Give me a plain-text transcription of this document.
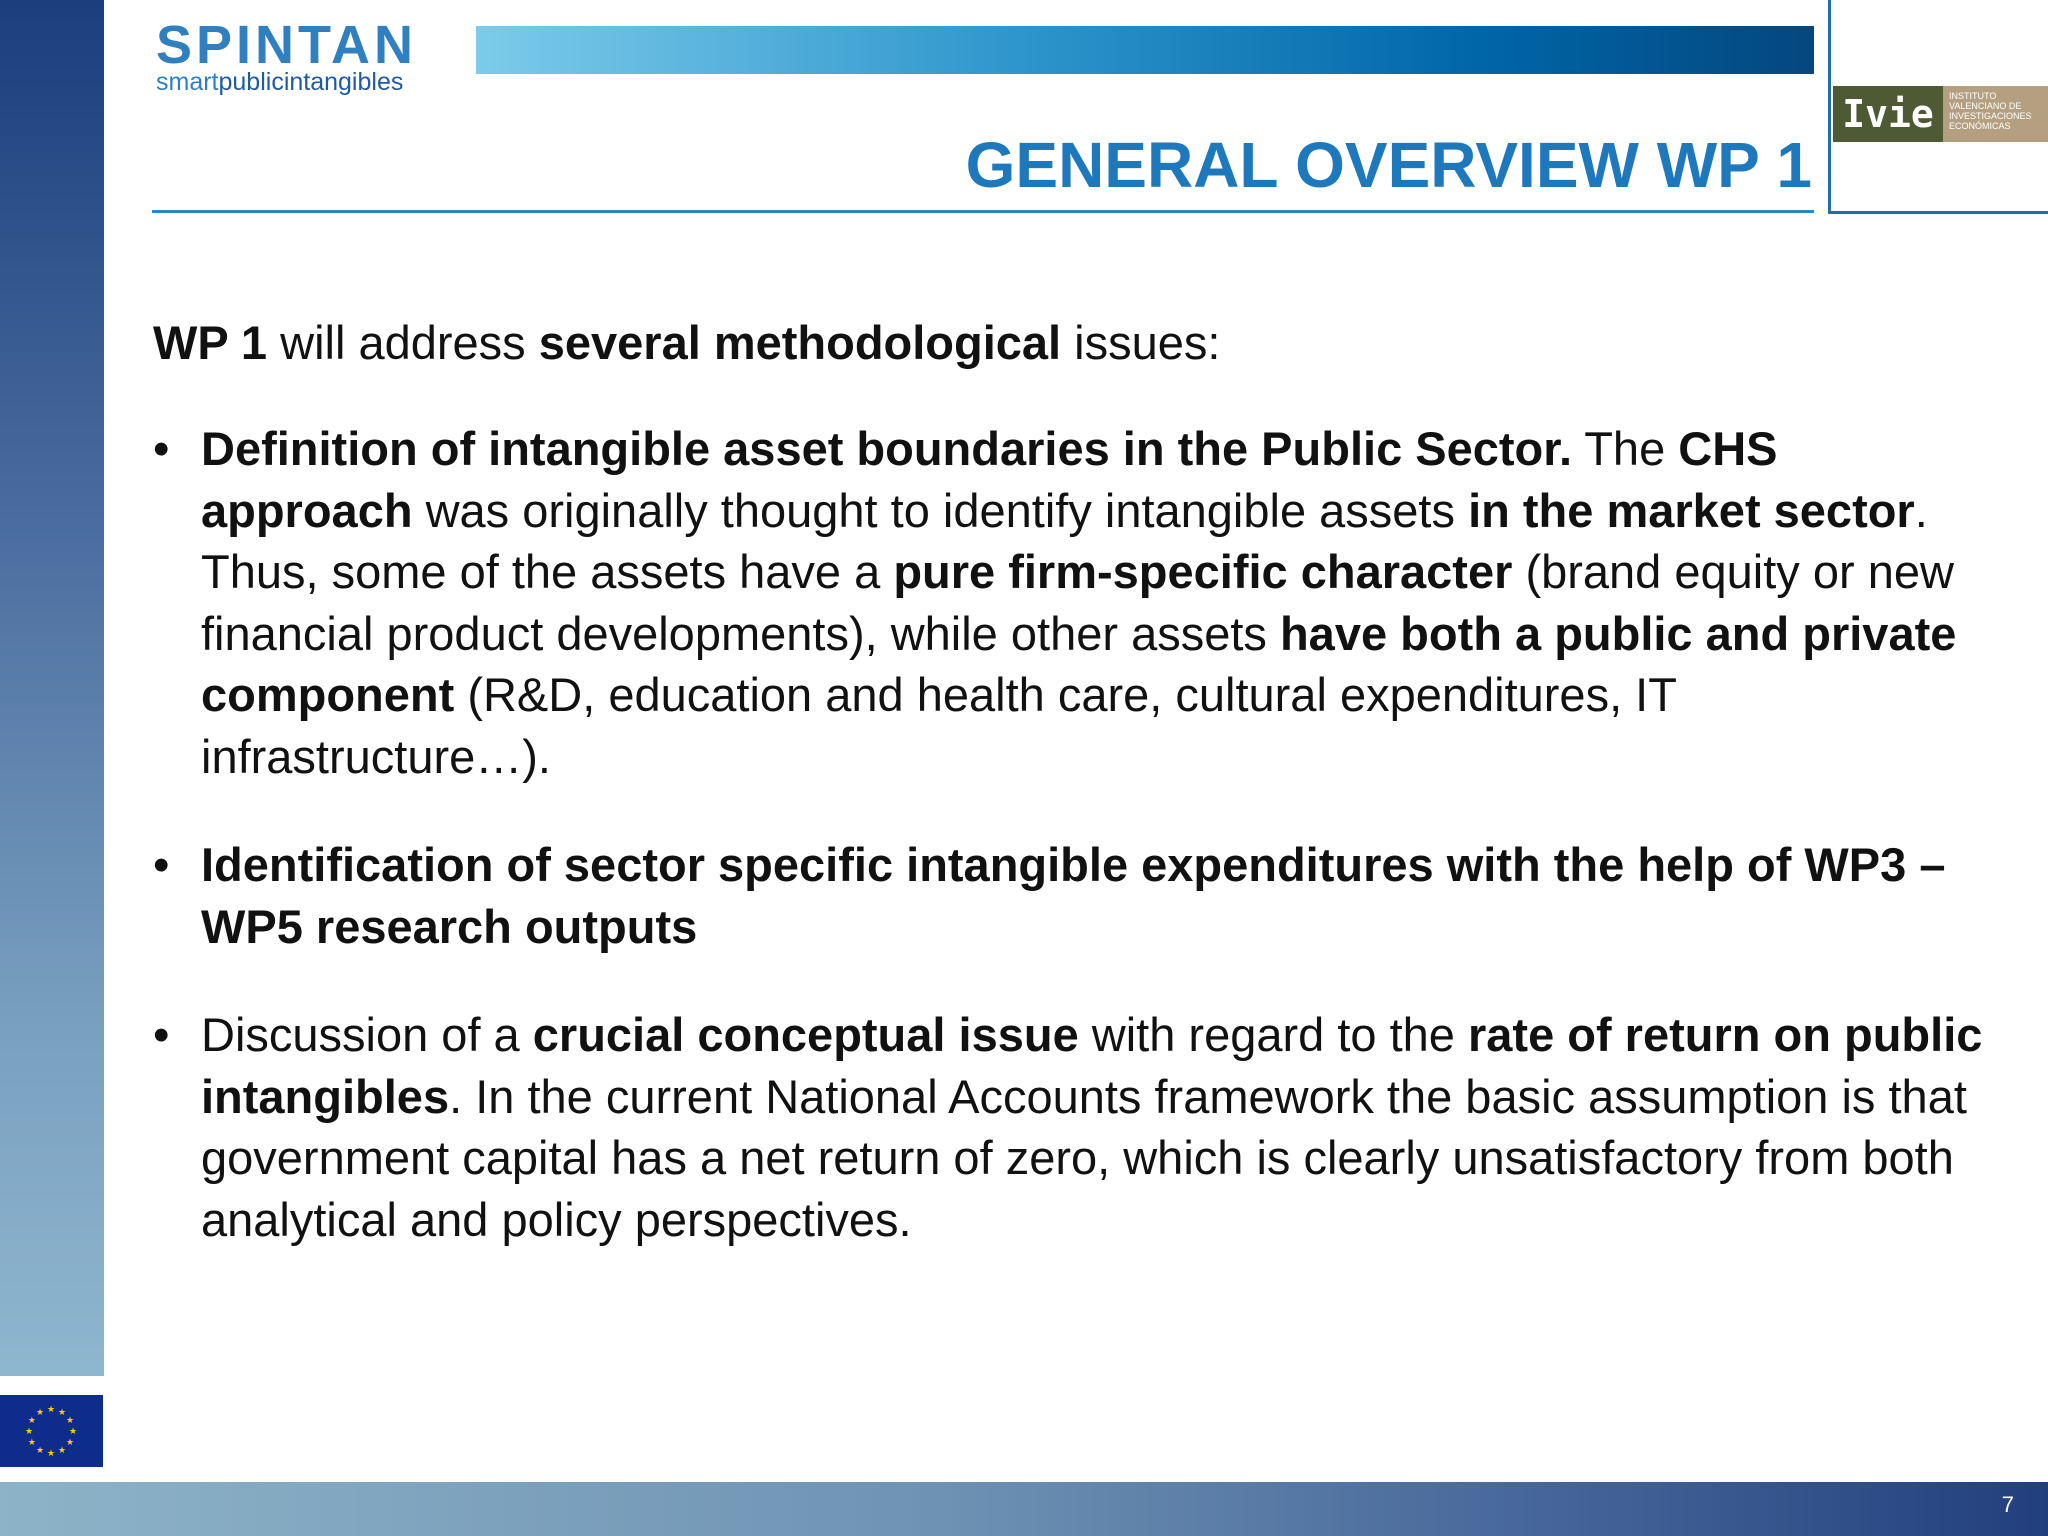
★ ★
★
★
★
★
★
★
★
★
★
★
7
SPINTAN
smartpublicintangibles
Ivie	INSTITUTO
VALENCIANO DE
INVESTIGACIONES
ECONÓMICAS
GENERAL OVERVIEW WP 1

WP 1 will address several methodological issues:

• Definition of intangible asset boundaries in the Public Sector. The CHS approach was originally thought to identify intangible assets in the market sector. Thus, some of the assets have a pure firm-specific character (brand equity or new financial product developments), while other assets have both a public and private component (R&D, education and health care, cultural expenditures, IT infrastructure…).
• Identification of sector specific intangible expenditures with the help of WP3 – WP5 research outputs
• Discussion of a crucial conceptual issue with regard to the rate of return on public intangibles. In the current National Accounts framework the basic assumption is that government capital has a net return of zero, which is clearly unsatisfactory from both analytical and policy perspectives.
